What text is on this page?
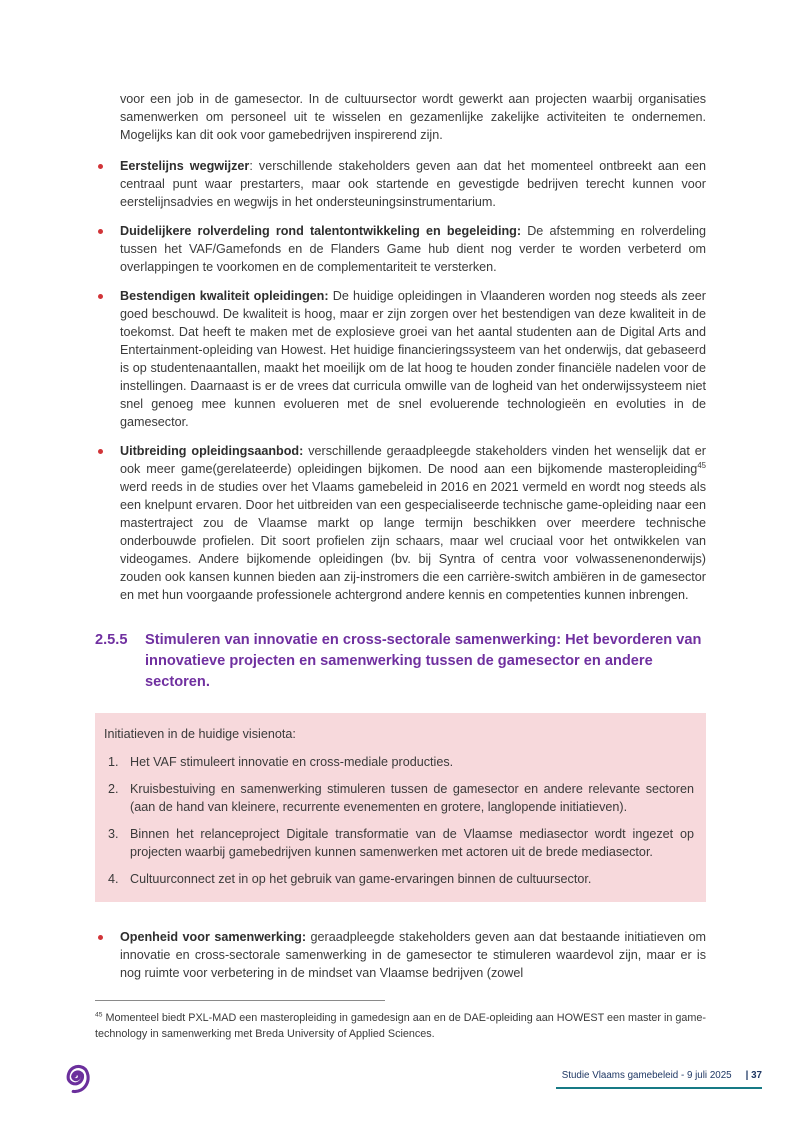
voor een job in de gamesector. In de cultuursector wordt gewerkt aan projecten waarbij organisaties samenwerken om personeel uit te wisselen en gezamenlijke zakelijke activiteiten te ondernemen. Mogelijks kan dit ook voor gamebedrijven inspirerend zijn.

Eerstelijns wegwijzer: verschillende stakeholders geven aan dat het momenteel ontbreekt aan een centraal punt waar prestarters, maar ook startende en gevestigde bedrijven terecht kunnen voor eerstelijnsadvies en wegwijs in het ondersteuningsinstrumentarium.
Duidelijkere rolverdeling rond talentontwikkeling en begeleiding: De afstemming en rolverdeling tussen het VAF/Gamefonds en de Flanders Game hub dient nog verder te worden verbeterd om overlappingen te voorkomen en de complementariteit te versterken.
Bestendigen kwaliteit opleidingen: De huidige opleidingen in Vlaanderen worden nog steeds als zeer goed beschouwd. De kwaliteit is hoog, maar er zijn zorgen over het bestendigen van deze kwaliteit in de toekomst. Dat heeft te maken met de explosieve groei van het aantal studenten aan de Digital Arts and Entertainment-opleiding van Howest. Het huidige financieringssysteem van het onderwijs, dat gebaseerd is op studentenaantallen, maakt het moeilijk om de lat hoog te houden zonder financiële nadelen voor de instellingen. Daarnaast is er de vrees dat curricula omwille van de logheid van het onderwijssysteem niet snel genoeg mee kunnen evolueren met de snel evoluerende technologieën en evoluties in de gamesector.
Uitbreiding opleidingsaanbod: verschillende geraadpleegde stakeholders vinden het wenselijk dat er ook meer game(gerelateerde) opleidingen bijkomen. De nood aan een bijkomende masteropleiding$^{45}$ werd reeds in de studies over het Vlaams gamebeleid in 2016 en 2021 vermeld en wordt nog steeds als een knelpunt ervaren. Door het uitbreiden van een gespecialiseerde technische game-opleiding naar een mastertraject zou de Vlaamse markt op lange termijn beschikken over meerdere technische onderbouwde profielen. Dit soort profielen zijn schaars, maar wel cruciaal voor het ontwikkelen van videogames. Andere bijkomende opleidingen (bv. bij Syntra of centra voor volwassenenonderwijs) zouden ook kansen kunnen bieden aan zij-instromers die een carrière-switch ambiëren in de gamesector en met hun voorgaande professionele achtergrond andere kennis en competenties kunnen inbrengen.
2.5.5	Stimuleren van innovatie en cross-sectorale samenwerking: Het bevorderen van innovatieve projecten en samenwerking tussen de gamesector en andere sectoren.

Initiatieven in de huidige visienota:

1. Het VAF stimuleert innovatie en cross-mediale producties.
2. Kruisbestuiving en samenwerking stimuleren tussen de gamesector en andere relevante sectoren (aan de hand van kleinere, recurrente evenementen en grotere, langlopende initiatieven).
3. Binnen het relanceproject Digitale transformatie van de Vlaamse mediasector wordt ingezet op projecten waarbij gamebedrijven kunnen samenwerken met actoren uit de brede mediasector.
4. Cultuurconnect zet in op het gebruik van game-ervaringen binnen de cultuursector.
Openheid voor samenwerking: geraadpleegde stakeholders geven aan dat bestaande initiatieven om innovatie en cross-sectorale samenwerking in de gamesector te stimuleren waardevol zijn, maar er is nog ruimte voor verbetering in de mindset van Vlaamse bedrijven (zowel

$^{45}$ Momenteel biedt PXL-MAD een masteropleiding in gamedesign aan en de DAE-opleiding aan HOWEST een master in game-technology in samenwerking met Breda University of Applied Sciences.

Studie Vlaams gamebeleid - 9 juli 2025 | 37
